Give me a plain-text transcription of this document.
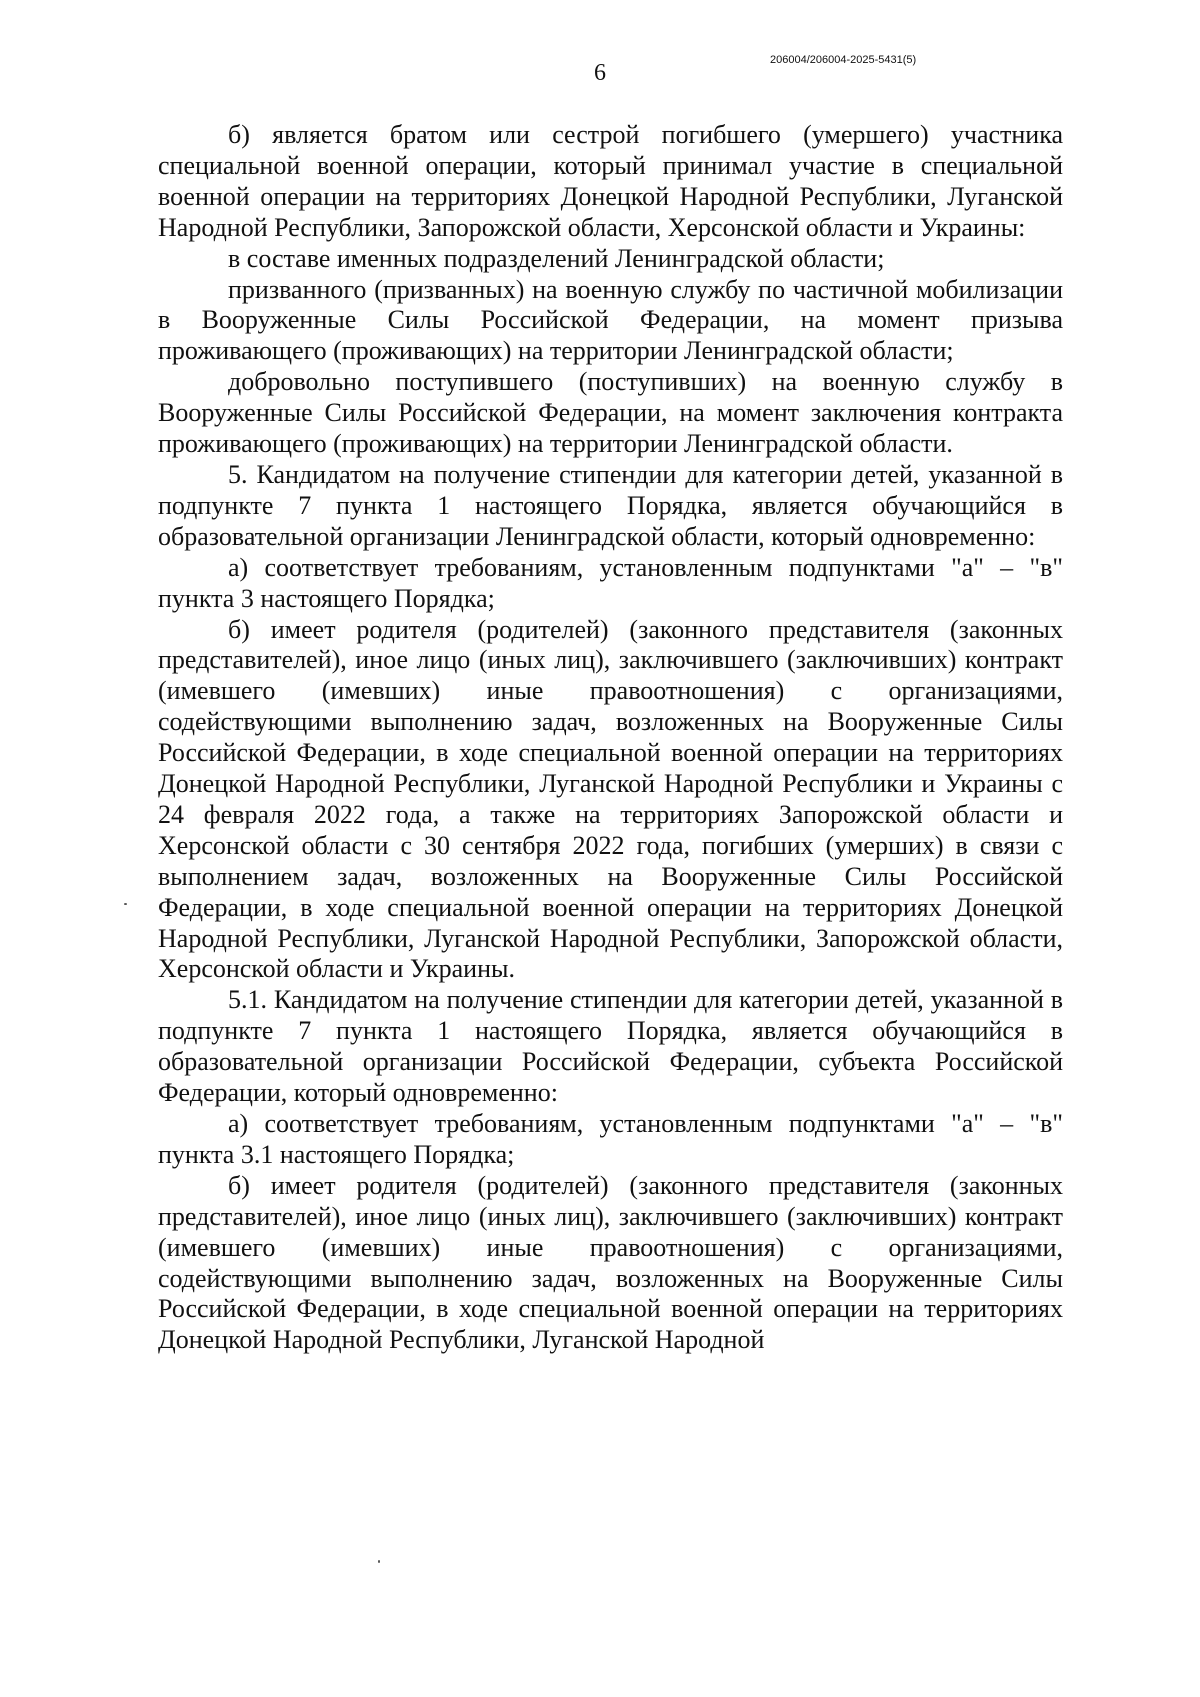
6	206004/206004-2025-5431(5)

б) является братом или сестрой погибшего (умершего) участника специальной военной операции, который принимал участие в специальной военной операции на территориях Донецкой Народной Республики, Луганской Народной Республики, Запорожской области, Херсонской области и Украины:

в составе именных подразделений Ленинградской области;

призванного (призванных) на военную службу по частичной мобилизации в Вооруженные Силы Российской Федерации, на момент призыва проживающего (проживающих) на территории Ленинградской области;

добровольно поступившего (поступивших) на военную службу в Вооруженные Силы Российской Федерации, на момент заключения контракта проживающего (проживающих) на территории Ленинградской области.

5. Кандидатом на получение стипендии для категории детей, указанной в подпункте 7 пункта 1 настоящего Порядка, является обучающийся в образовательной организации Ленинградской области, который одновременно:

а) соответствует требованиям, установленным подпунктами "а" – "в" пункта 3 настоящего Порядка;

б) имеет родителя (родителей) (законного представителя (законных представителей), иное лицо (иных лиц), заключившего (заключивших) контракт (имевшего (имевших) иные правоотношения) с организациями, содействующими выполнению задач, возложенных на Вооруженные Силы Российской Федерации, в ходе специальной военной операции на территориях Донецкой Народной Республики, Луганской Народной Республики и Украины с 24 февраля 2022 года, а также на территориях Запорожской области и Херсонской области с 30 сентября 2022 года, погибших (умерших) в связи с выполнением задач, возложенных на Вооруженные Силы Российской Федерации, в ходе специальной военной операции на территориях Донецкой Народной Республики, Луганской Народной Республики, Запорожской области, Херсонской области и Украины.

5.1. Кандидатом на получение стипендии для категории детей, указанной в подпункте 7 пункта 1 настоящего Порядка, является обучающийся в образовательной организации Российской Федерации, субъекта Российской Федерации, который одновременно:

а) соответствует требованиям, установленным подпунктами "а" – "в" пункта 3.1 настоящего Порядка;

б) имеет родителя (родителей) (законного представителя (законных представителей), иное лицо (иных лиц), заключившего (заключивших) контракт (имевшего (имевших) иные правоотношения) с организациями, содействующими выполнению задач, возложенных на Вооруженные Силы Российской Федерации, в ходе специальной военной операции на территориях Донецкой Народной Республики, Луганской Народной
